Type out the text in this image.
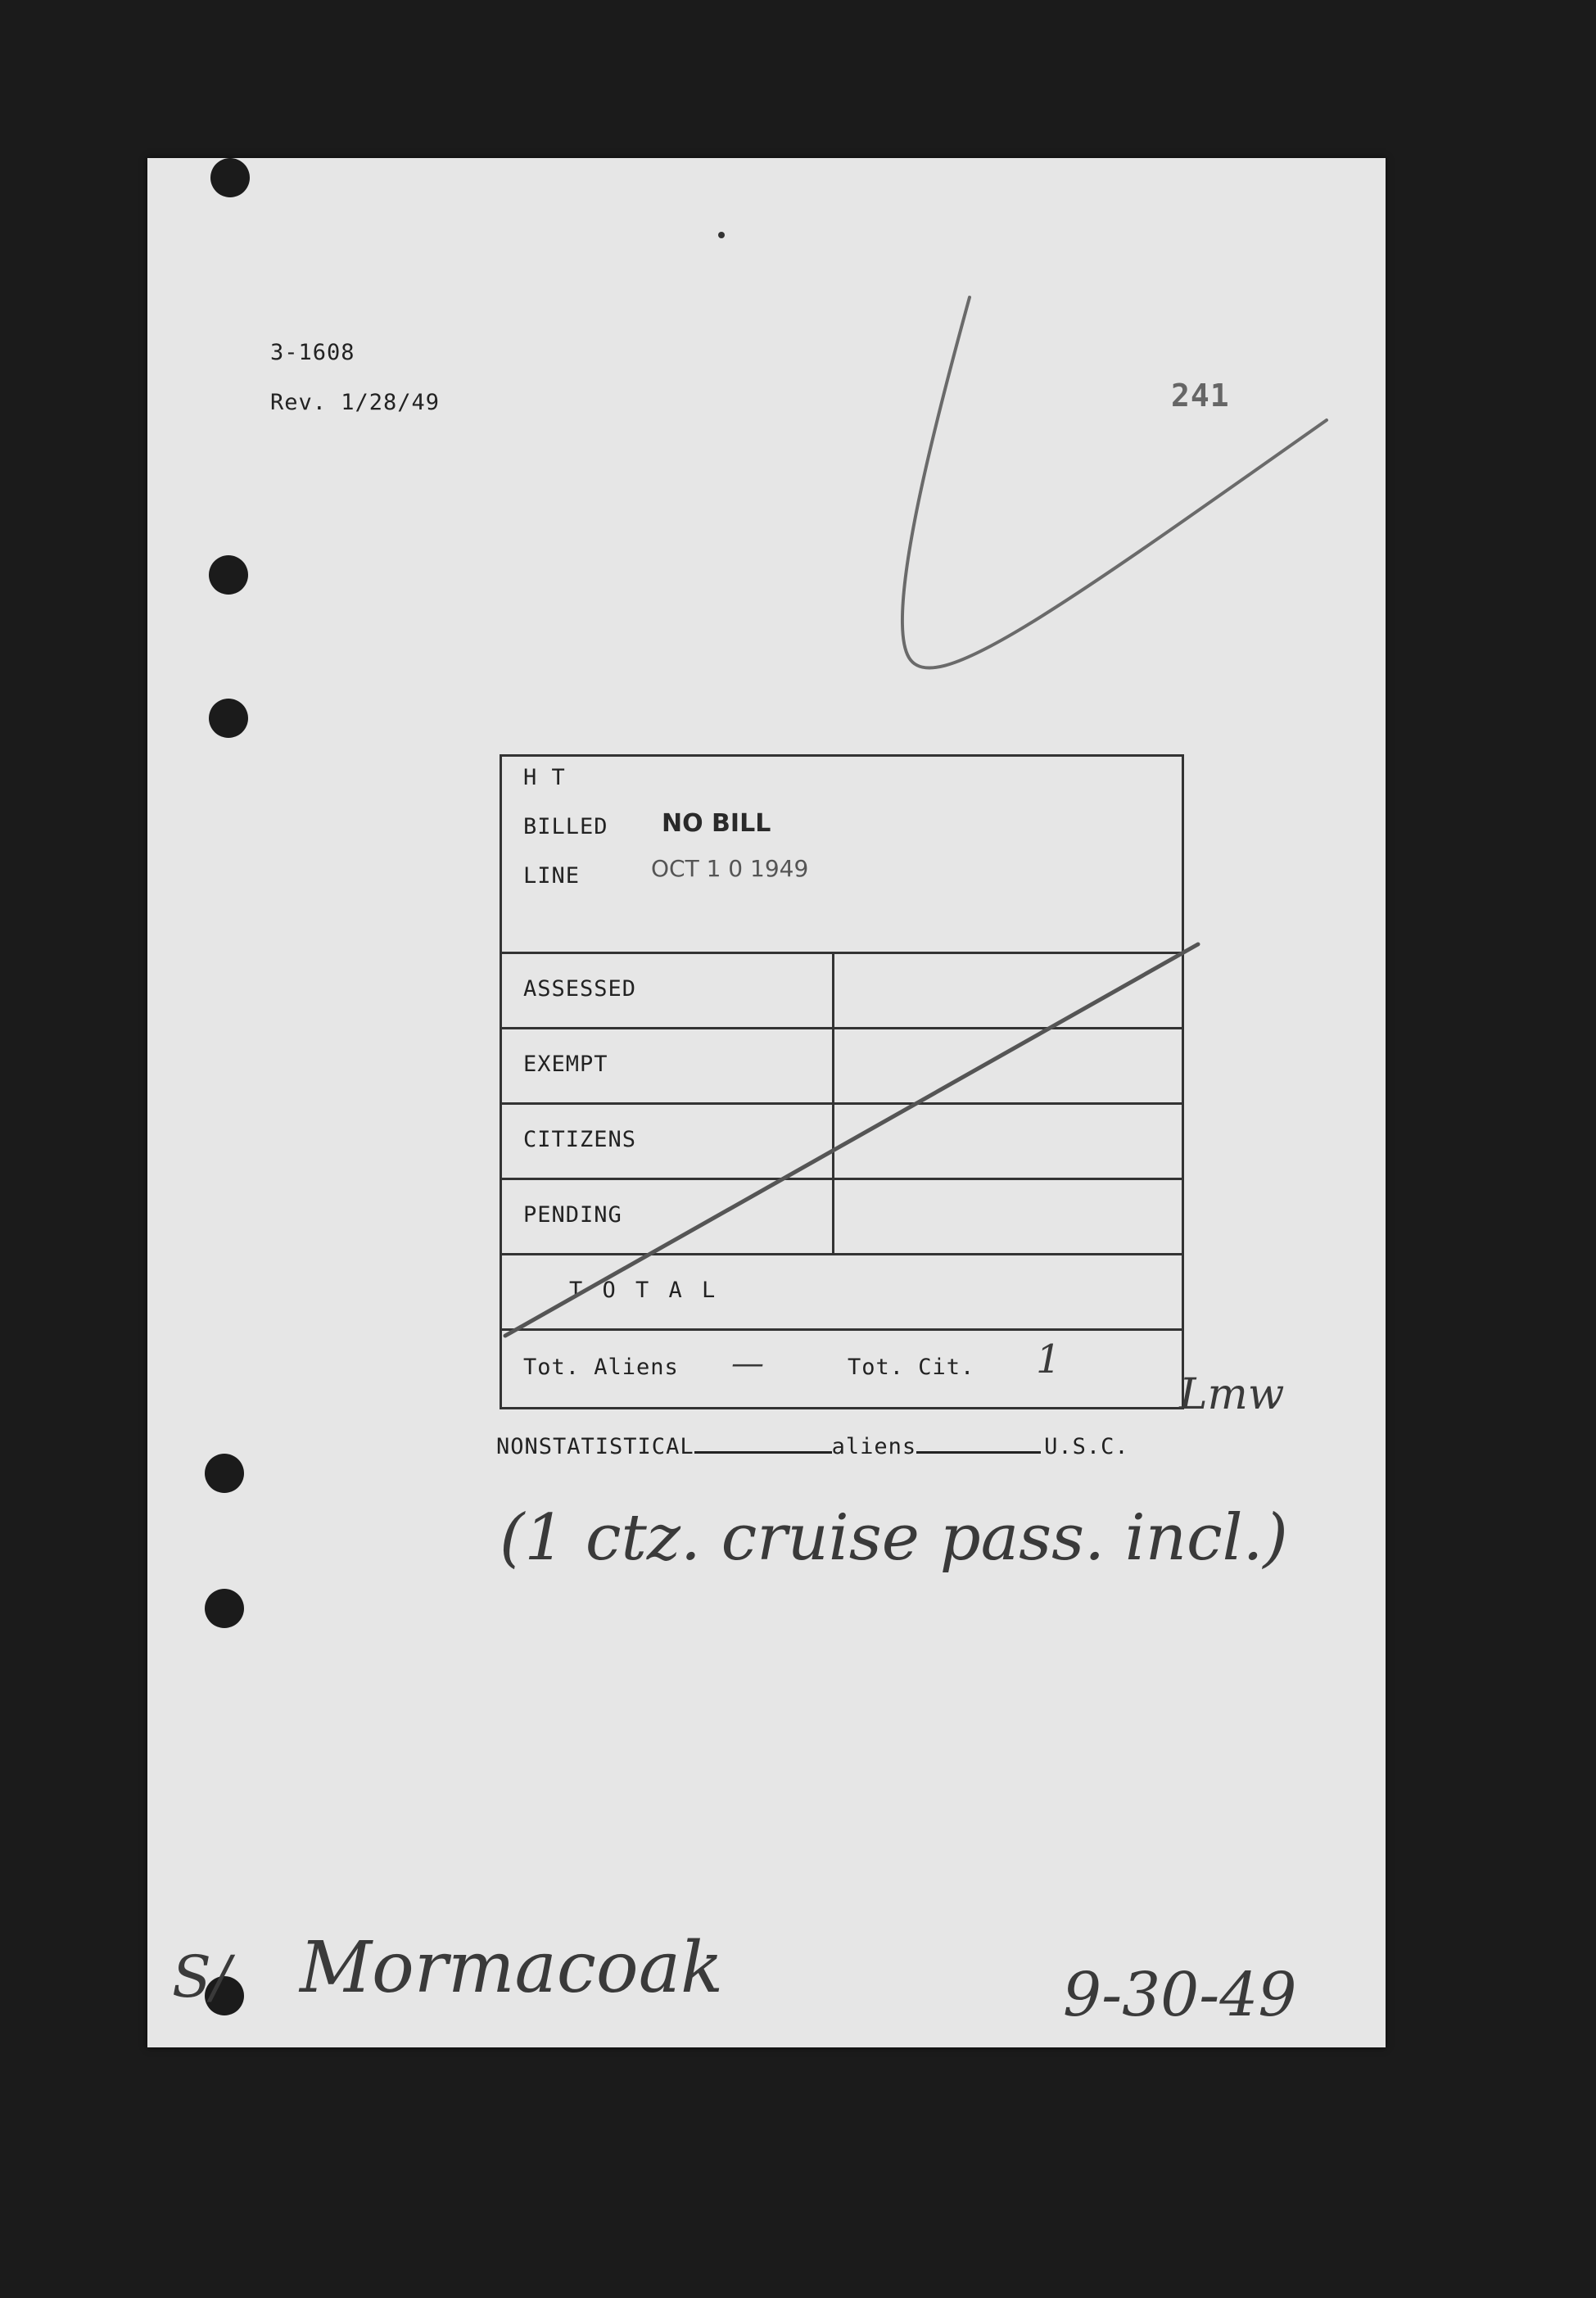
3-1608
Rev. 1/28/49	241
H T
BILLED
LINE
NO BILL
OCT 1 0 1949
ASSESSED
EXEMPT
CITIZENS
PENDING
T O T A L
Tot. Aliens —	Tot. Cit. 1
NONSTATISTICAL	aliens	U.S.C.
Lmw
(1 ctz. cruise pass. incl.)
S/ Mormacoak	9-30-49
